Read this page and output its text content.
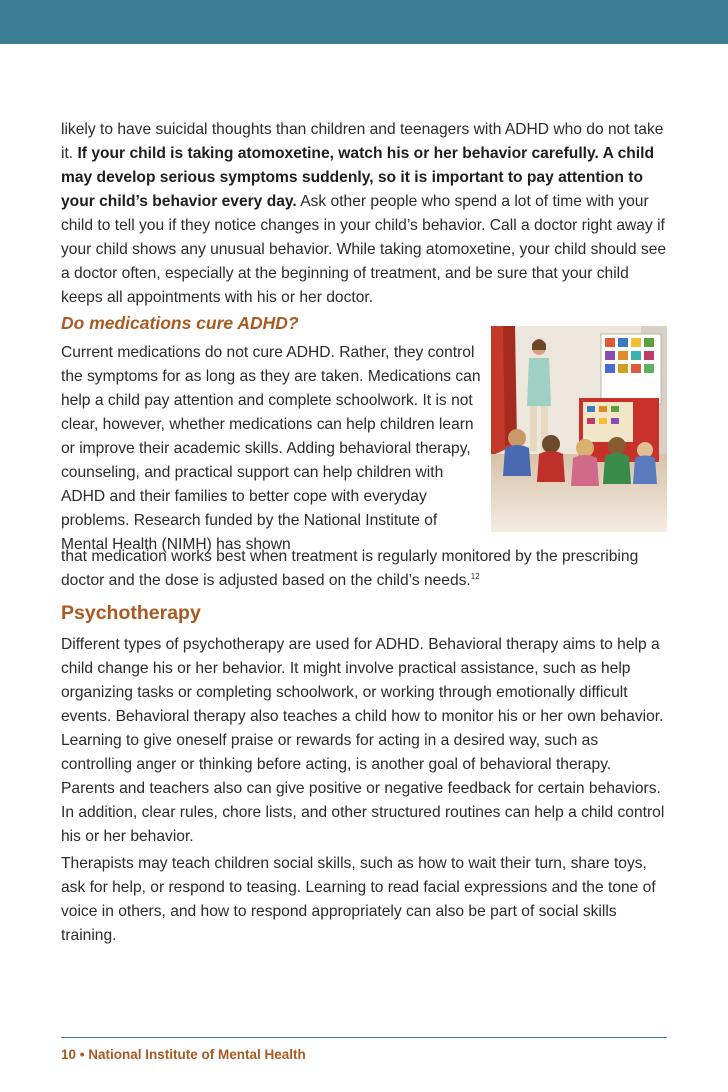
likely to have suicidal thoughts than children and teenagers with ADHD who do not take it. If your child is taking atomoxetine, watch his or her behavior carefully. A child may develop serious symptoms suddenly, so it is important to pay attention to your child’s behavior every day. Ask other people who spend a lot of time with your child to tell you if they notice changes in your child’s behavior. Call a doctor right away if your child shows any unusual behavior. While taking atomoxetine, your child should see a doctor often, especially at the beginning of treatment, and be sure that your child keeps all appointments with his or her doctor.

Do medications cure ADHD?

Current medications do not cure ADHD. Rather, they control the symptoms for as long as they are taken. Medications can help a child pay attention and complete schoolwork. It is not clear, however, whether medications can help children learn or improve their academic skills. Adding behavioral therapy, counseling, and practical support can help children with ADHD and their families to better cope with everyday problems. Research funded by the National Institute of Mental Health (NIMH) has shown

that medication works best when treatment is regularly monitored by the prescribing doctor and the dose is adjusted based on the child’s needs.$^{12}$

Psychotherapy

Different types of psychotherapy are used for ADHD. Behavioral therapy aims to help a child change his or her behavior. It might involve practical assistance, such as help organizing tasks or completing schoolwork, or working through emotionally difficult events. Behavioral therapy also teaches a child how to monitor his or her own behavior. Learning to give oneself praise or rewards for acting in a desired way, such as controlling anger or thinking before acting, is another goal of behavioral therapy. Parents and teachers also can give positive or negative feedback for certain behaviors. In addition, clear rules, chore lists, and other structured routines can help a child control his or her behavior.

Therapists may teach children social skills, such as how to wait their turn, share toys, ask for help, or respond to teasing. Learning to read facial expressions and the tone of voice in others, and how to respond appropriately can also be part of social skills training.

10 • National Institute of Mental Health
